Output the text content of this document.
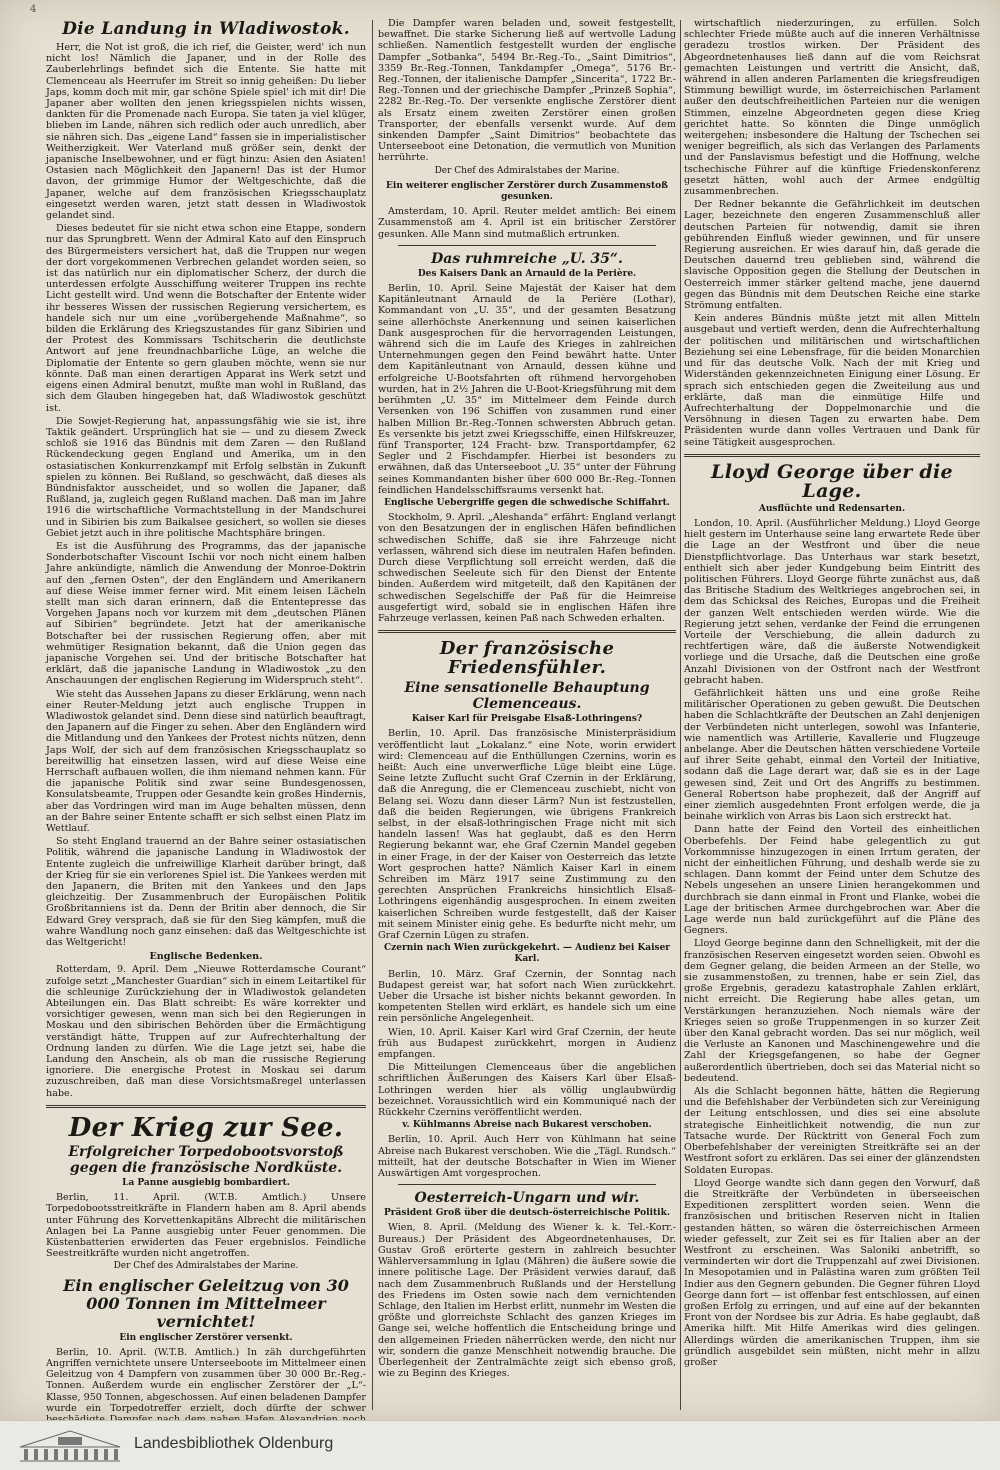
4
Die Landung in Wladiwostok.

Herr, die Not ist groß, die ich rief, die Geister, werd' ich nun nicht los! Nämlich die Japaner, und in der Rolle des Zauberlehrlings befindet sich die Entente. Sie hatte mit Clemenceau als Heerrufer im Streit so innig geheißen: Du lieber Japs, komm doch mit mir, gar schöne Spiele spiel' ich mit dir! Die Japaner aber wollten den jenen kriegsspielen nichts wissen, dankten für die Promenade nach Europa. Sie taten ja viel klüger, blieben im Lande, nähren sich redlich oder auch unredlich, aber sie nähren sich. Das „eigene Land“ fassen sie in imperialistischer Weitherzigkeit. Wer Vaterland muß größer sein, denkt der japanische Inselbewohner, und er fügt hinzu: Asien den Asiaten! Ostasien nach Möglichkeit den Japanern! Das ist der Humor davon, der grimmige Humor der Weltgeschichte, daß die Japaner, welche auf dem französischen Kriegsschauplatz eingesetzt werden waren, jetzt statt dessen in Wladiwostok gelandet sind.

Dieses bedeutet für sie nicht etwa schon eine Etappe, sondern nur das Sprungbrett. Wenn der Admiral Kato auf den Einspruch des Bürgermeisters versichert hat, daß die Truppen nur wegen der dort vorgekommenen Verbrechen gelandet worden seien, so ist das natürlich nur ein diplomatischer Scherz, der durch die unterdessen erfolgte Ausschiffung weiterer Truppen ins rechte Licht gestellt wird. Und wenn die Botschafter der Entente wider ihr besseres Wissen der russischen Regierung versichertem, es handele sich nur um eine „vorübergehende Maßnahme“, so bilden die Erklärung des Kriegszustandes für ganz Sibirien und der Protest des Kommissars Tschitscherin die deutlichste Antwort auf jene freundnachbarliche Lüge, an welche die Diplomatie der Entente so gern glauben möchte, wenn sie nur könnte. Daß man einen derartigen Apparat ins Werk setzt und eigens einen Admiral benutzt, mußte man wohl in Rußland, das sich dem Glauben hingegeben hat, daß Wladiwostok geschützt ist.

Die Sowjet-Regierung hat, anpassungsfähig wie sie ist, ihre Taktik geändert. Ursprünglich hat sie — und zu diesem Zweck schloß sie 1916 das Bündnis mit dem Zaren — den Rußland Rückendeckung gegen England und Amerika, um in den ostasiatischen Konkurrenzkampf mit Erfolg selbstän in Zukunft spielen zu können. Bei Rußland, so geschwächt, daß dieses als Bündnisfaktor ausscheidet, und so wollen die Japaner, daß Rußland, ja, zugleich gegen Rußland machen. Daß man im Jahre 1916 die wirtschaftliche Vormachtstellung in der Mandschurei und in Sibirien bis zum Baikalsee gesichert, so wollen sie dieses Gebiet jetzt auch in ihre politische Machtsphäre bringen.

Es ist die Ausführung des Programms, das der japanische Sonderbotschafter Viscount Ischii vor noch nicht einem halben Jahre ankündigte, nämlich die Anwendung der Monroe-Doktrin auf den „fernen Osten“, der den Engländern und Amerikanern auf diese Weise immer ferner wird. Mit einem leisen Lächeln stellt man sich daran erinnern, daß die Ententepresse das Vorgehen Japans noch vor kurzem mit dem „deutschen Plänen auf Sibirien“ begründete. Jetzt hat der amerikanische Botschafter bei der russischen Regierung offen, aber mit wehmütiger Resignation bekannt, daß die Union gegen das japanische Vorgehen sei. Und der britische Botschafter hat erklärt, daß die japanische Landung in Wladiwostok „zu den Anschauungen der englischen Regierung im Widerspruch steht“.

Wie steht das Aussehen Japans zu dieser Erklärung, wenn nach einer Reuter-Meldung jetzt auch englische Truppen in Wladiwostok gelandet sind. Denn diese sind natürlich beauftragt, den Japanern auf die Finger zu sehen. Aber den Engländern wird die Mitlandung und den Yankees der Protest nichts nützen, denn Japs Wolf, der sich auf dem französischen Kriegsschauplatz so bereitwillig hat einsetzen lassen, wird auf diese Weise eine Herrschaft aufbauen wollen, die ihm niemand nehmen kann. Für die japanische Politik sind zwar seine Bundesgenossen, Konsulatsbeamte, Truppen oder Gesandte kein großes Hindernis, aber das Vordringen wird man im Auge behalten müssen, denn an der Bahre seiner Entente schafft er sich selbst einen Platz im Wettlauf.

So steht England trauernd an der Bahre seiner ostasiatischen Politik, während die japanische Landung in Wladiwostok der Entente zugleich die unfreiwillige Klarheit darüber bringt, daß der Krieg für sie ein verlorenes Spiel ist. Die Yankees werden mit den Japanern, die Briten mit den Yankees und den Japs gleichzeitig. Der Zusammenbruch der Europäischen Politik Großbritanniens ist da. Denn der Britin aber dennoch, die Sir Edward Grey versprach, daß sie für den Sieg kämpfen, muß die wahre Wandlung noch ganz einsehen: daß das Weltgeschichte ist das Weltgericht!

Englische Bedenken.

Rotterdam, 9. April. Dem „Nieuwe Rotterdamsche Courant“ zufolge setzt „Manchester Guardian“ sich in einem Leitartikel für die schleunige Zurückziehung der in Wladiwostok gelandeten Abteilungen ein. Das Blatt schreibt: Es wäre korrekter und vorsichtiger gewesen, wenn man sich bei den Regierungen in Moskau und den sibirischen Behörden über die Ermächtigung verständigt hätte, Truppen auf zur Aufrechterhaltung der Ordnung landen zu dürfen. Wie die Lage jetzt sei, habe die Landung den Anschein, als ob man die russische Regierung ignoriere. Die energische Protest in Moskau sei darum zuzuschreiben, daß man diese Vorsichtsmaßregel unterlassen habe.

Der Krieg zur See.
Erfolgreicher Torpedobootsvorstoß gegen die französische Nordküste.
La Panne ausgiebig bombardiert.

Berlin, 11. April. (W.T.B. Amtlich.) Unsere Torpedobootsstreitkräfte in Flandern haben am 8. April abends unter Führung des Korvettenkapitäns Albrecht die militärischen Anlagen bei La Panne ausgiebig unter Feuer genommen. Die Küstenbatterien erwiderten das Feuer ergebnislos. Feindliche Seestreitkräfte wurden nicht angetroffen.

Der Chef des Admiralstabes der Marine.
Ein englischer Geleitzug von 30 000 Tonnen im Mittelmeer vernichtet!
Ein englischer Zerstörer versenkt.

Berlin, 10. April. (W.T.B. Amtlich.) In zäh durchgeführten Angriffen vernichtete unsere Unterseeboote im Mittelmeer einen Geleitzug von 4 Dampfern von zusammen über 30 000 Br.-Reg.-Tonnen. Außerdem wurde ein englischer Zerstörer der „L“-Klasse, 950 Tonnen, abgeschossen. Auf einen beladenen Dampfer wurde ein Torpedotreffer erzielt, doch dürfte der schwer

Die Dampfer waren beladen und, soweit festgestellt, bewaffnet. Die starke Sicherung ließ auf wertvolle Ladung schließen. Namentlich festgestellt wurden der englische Dampfer „Sotbanka“, 5494 Br.-Reg.-To., „Saint Dimitrios“, 3359 Br.-Reg.-Tonnen, Tankdampfer „Omega“, 5176 Br.-Reg.-Tonnen, der italienische Dampfer „Sincerita“, 1722 Br.-Reg.-Tonnen und der griechische Dampfer „Prinzeß Sophia“, 2282 Br.-Reg.-To. Der versenkte englische Zerstörer dient als Ersatz einem zweiten Zerstörer einen großen Transporter, der ebenfalls versenkt wurde. Auf dem sinkenden Dampfer „Saint Dimitrios“ beobachtete das Unterseeboot eine Detonation, die vermutlich von Munition herrührte.

Der Chef des Admiralstabes der Marine.
Ein weiterer englischer Zerstörer durch Zusammenstoß gesunken.

Amsterdam, 10. April. Reuter meldet amtlich: Bei einem Zusammenstoß am 4. April ist ein britischer Zerstörer gesunken. Alle Mann sind mutmaßlich ertrunken.

Das ruhmreiche „U. 35“.
Des Kaisers Dank an Arnauld de la Perière.

Berlin, 10. April. Seine Majestät der Kaiser hat dem Kapitänleutnant Arnauld de la Perière (Lothar), Kommandant von „U. 35“, und der gesamten Besatzung seine allerhöchste Anerkennung und seinen kaiserlichen Dank ausgesprochen für die hervorragenden Leistungen, während sich die im Laufe des Krieges in zahlreichen Unternehmungen gegen den Feind bewährt hatte. Unter dem Kapitänleutnant von Arnauld, dessen kühne und erfolgreiche U-Bootsfahrten oft rühmend hervorgehoben wurden, hat in 2½ Jahren die U-Boot-Kriegsführung mit dem berühmten „U. 35“ im Mittelmeer dem Feinde durch Versenken von 196 Schiffen von zusammen rund einer halben Million Br.-Reg.-Tonnen schwersten Abbruch getan. Es versenkte bis jetzt zwei Kriegsschiffe, einen Hilfskreuzer, fünf Transporter, 124 Fracht- bzw. Transportdampfer, 62 Segler und 2 Fischdampfer. Hierbei ist besonders zu erwähnen, daß das Unterseeboot „U. 35“ unter der Führung seines Kommandanten bisher über 600 000 Br.-Reg.-Tonnen feindlichen Handelsschiffsraums versenkt hat.

Englische Uebergriffe gegen die schwedische Schiffahrt.

Stockholm, 9. April. „Aleshanda“ erfährt: England verlangt von den Besatzungen der in englischen Häfen befindlichen schwedischen Schiffe, daß sie ihre Fahrzeuge nicht verlassen, während sich diese im neutralen Hafen befinden. Durch diese Verpflichtung soll erreicht werden, daß die schwedischen Seeleute sich für den Dienst der Entente binden. Außerdem wird mitgeteilt, daß den Kapitänen der schwedischen Segelschiffe der Paß für die Heimreise ausgefertigt wird, sobald sie in englischen Häfen ihre Fahrzeuge verlassen, keinen Paß nach Schweden erhalten.

Der französische Friedensfühler.
Eine sensationelle Behauptung Clemenceaus.
Kaiser Karl für Preisgabe Elsaß-Lothringens?

Berlin, 10. April. Das französische Ministerpräsidium veröffentlicht laut „Lokalanz.“ eine Note, worin erwidert wird: Clemenceau auf die Enthüllungen Czernins, worin es heißt: Auch eine unverwerfliche Lüge bleibt eine Lüge. Seine letzte Zuflucht sucht Graf Czernin in der Erklärung, daß die Anregung, die er Clemenceau zuschiebt, nicht von Belang sei. Wozu dann dieser Lärm? Nun ist festzustellen, daß die beiden Regierungen, wie übrigens Frankreich selbst, in der elsaß-lothringischen Frage nicht mit sich handeln lassen! Was hat geglaubt, daß es den Herrn Regierung bekannt war, ehe Graf Czernin Mandel gegeben in einer Frage, in der der Kaiser von Oesterreich das letzte Wort gesprochen hatte? Nämlich Kaiser Karl in einem Schreiben im März 1917 seine Zustimmung zu den gerechten Ansprüchen Frankreichs hinsichtlich Elsaß-Lothringens eigenhändig ausgesprochen. In einem zweiten kaiserlichen Schreiben wurde festgestellt, daß der Kaiser mit seinem Minister einig gehe. Es bedurfte nicht mehr, um Graf Czernin Lügen zu strafen.

Czernin nach Wien zurückgekehrt. — Audienz bei Kaiser Karl.

Berlin, 10. März. Graf Czernin, der Sonntag nach Budapest gereist war, hat sofort nach Wien zurückkehrt. Ueber die Ursache ist bisher nichts bekannt geworden. In kompetenten Stellen wird erklärt, es handele sich um eine rein persönliche Angelegenheit.

Wien, 10. April. Kaiser Karl wird Graf Czernin, der heute früh aus Budapest zurückkehrt, morgen in Audienz empfangen.

Die Mitteilungen Clemenceaus über die angeblichen schriftlichen Äußerungen des Kaisers Karl über Elsaß-Lothringen werden hier als völlig unglaubwürdig bezeichnet. Voraussichtlich wird ein Kommuniqué nach der Rückkehr Czernins veröffentlicht werden.

v. Kühlmanns Abreise nach Bukarest verschoben.

Berlin, 10. April. Auch Herr von Kühlmann hat seine Abreise nach Bukarest verschoben. Wie die „Tägl. Rundsch.“ mitteilt, hat der deutsche Botschafter in Wien im Wiener Auswärtigen Amt vorgesprochen.

Oesterreich-Ungarn und wir.
Präsident Groß über die deutsch-österreichische Politik.

Wien, 8. April. (Meldung des Wiener k. k. Tel.-Korr.-Bureaus.) Der Präsident des Abgeordnetenhauses, Dr. Gustav Groß erörterte gestern in zahlreich besuchter Wählerversammlung in Iglau (Mähren) die äußere sowie die innere politische Lage. Der Präsident verwies darauf, daß nach dem Zusammenbruch Rußlands und der Herstellung des Friedens im Osten sowie nach dem vernichtenden Schlage, den Italien im Herbst erlitt, nunmehr im Westen die größte und glorreichste Schlacht des ganzen Krieges im Gange sei, welche hoffentlich die Entscheidung bringe und den allgemeinen Frieden näherrücken werde, den nicht nur wir, sondern die ganze Menschheit notwendig brauche. Die Überlegenheit der Zentralmächte zeigt sich ebenso groß, wie zu Beginn des Krieges.

wirtschaftlich niederzuringen, zu erfüllen. Solch schlechter Friede müßte auch auf die inneren Verhältnisse geradezu trostlos wirken. Der Präsident des Abgeordnetenhauses ließ dann auf die vom Reichsrat gemachten Leistungen und vertritt die Ansicht, daß, während in allen anderen Parlamenten die kriegsfreudigen Stimmung bewilligt wurde, im österreichischen Parlament außer den deutschfreiheitlichen Parteien nur die wenigen Stimmen, einzelne Abgeordneten gegen diese Krieg gerichtet hatte. So könnten die Dinge unmöglich weitergehen; insbesondere die Haltung der Tschechen sei weniger begreiflich, als sich das Verlangen des Parlaments und der Panslavismus befestigt und die Hoffnung, welche tschechische Führer auf die künftige Friedenskonferenz gesetzt hätten, wohl auch der Armee endgültig zusammenbrechen.

Der Redner bekannte die Gefährlichkeit im deutschen Lager, bezeichnete den engeren Zusammenschluß aller deutschen Parteien für notwendig, damit sie ihren gebührenden Einfluß wieder gewinnen, und für unsere Regierung ausreichen. Er wies darauf hin, daß gerade die Deutschen dauernd treu geblieben sind, während die slavische Opposition gegen die Stellung der Deutschen in Oesterreich immer stärker geltend mache, jene dauernd gegen das Bündnis mit dem Deutschen Reiche eine starke Strömung entfalten.

Kein anderes Bündnis müßte jetzt mit allen Mitteln ausgebaut und vertieft werden, denn die Aufrechterhaltung der politischen und militärischen und wirtschaftlichen Beziehung sei eine Lebensfrage, für die beiden Monarchien und für das deutsche Volk. Nach der mit Krieg und Widerständen gekennzeichneten Einigung einer Lösung. Er sprach sich entschieden gegen die Zweiteilung aus und erklärte, daß man die einmütige Hilfe und Aufrechterhaltung der Doppelmonarchie und die Versöhnung in diesen Tagen zu erwarten habe. Dem Präsidenten wurde dann volles Vertrauen und Dank für seine Tätigkeit ausgesprochen.

Lloyd George über die Lage.
Ausflüchte und Redensarten.

London, 10. April. (Ausführlicher Meldung.) Lloyd George hielt gestern im Unterhause seine lang erwartete Rede über die Lage an der Westfront und über die neue Dienstpflichtvorlage. Das Unterhaus war stark besetzt, enthielt sich aber jeder Kundgebung beim Eintritt des politischen Führers. Lloyd George führte zunächst aus, daß das Britische Stadium des Weltkrieges angebrochen sei, in dem das Schicksal des Reiches, Europas und die Freiheit der ganzen Welt entschieden werden würde. Wie die Regierung jetzt sehen, verdanke der Feind die errungenen Vorteile der Verschiebung, die allein dadurch zu rechtfertigen wäre, daß die äußerste Notwendigkeit vorliege und die Ursache, daß die Deutschen eine große Anzahl Divisionen von der Ostfront nach der Westfront gebracht haben.

Gefährlichkeit hätten uns und eine große Reihe militärischer Operationen zu geben gewußt. Die Deutschen haben die Schlachtkräfte der Deutschen an Zahl denjenigen der Verbündeten nicht unterlegen, sowohl was Infanterie, wie namentlich was Artillerie, Kavallerie und Flugzeuge anbelange. Aber die Deutschen hätten verschiedene Vorteile auf ihrer Seite gehabt, einmal den Vorteil der Initiative, sodann daß die Lage derart war, daß sie es in der Lage gewesen sind, Zeit und Ort des Angriffs zu bestimmen. General Robertson habe prophezeit, daß der Angriff auf einer ziemlich ausgedehnten Front erfolgen werde, die ja beinahe wirklich von Arras bis Laon sich erstreckt hat.

Dann hatte der Feind den Vorteil des einheitlichen Oberbefehls. Der Feind habe gelegentlich zu gut Vorkommnisse hinzugezogen in einen Irrtum geraten, der nicht der einheitlichen Führung, und deshalb werde sie zu schlagen. Dann kommt der Feind unter dem Schutze des Nebels ungesehen an unsere Linien herangekommen und durchbrach sie dann einmal in Front und Flanke, wobei die Lage der britischen Armee durchgebrochen war. Aber die Lage werde nun bald zurückgeführt auf die Pläne des Gegners.

Lloyd George beginne dann den Schnelligkeit, mit der die französischen Reserven eingesetzt worden seien. Obwohl es dem Gegner gelang, die beiden Armeen an der Stelle, wo sie zusammenstoßen, zu trennen, habe er sein Ziel, das große Ergebnis, geradezu katastrophale Zahlen erklärt, nicht erreicht. Die Regierung habe alles getan, um Verstärkungen heranzuziehen. Noch niemals wäre der Krieges seien so große Truppenmengen in so kurzer Zeit über den Kanal gebracht worden. Das sei nur möglich, weil die Verluste an Kanonen und Maschinengewehre und die Zahl der Kriegsgefangenen, so habe der Gegner außerordentlich übertrieben, doch sei das Material nicht so bedeutend.

Als die Schlacht begonnen hätte, hätten die Regierung und die Befehlshaber der Verbündeten sich zur Vereinigung der Leitung entschlossen, und dies sei eine absolute strategische Einheitlichkeit notwendig, die nun zur Tatsache wurde. Der Rücktritt von General Foch zum Oberbefehlshaber der vereinigten Streitkräfte sei an der Westfront sofort zu erklären. Das sei einer der glänzendsten Soldaten Europas.

Lloyd George wandte sich dann gegen den Vorwurf, daß die Streitkräfte der Verbündeten in überseeischen Expeditionen zersplittert worden seien. Wenn die französischen und britischen Reserven nicht in Italien gestanden hätten, so wären die österreichischen Armeen wieder gefesselt, zur Zeit sei es für Italien aber an der Westfront zu erscheinen. Was Saloniki anbetrifft, so verminderten wir dort die Truppenzahl auf zwei Divisionen. In Mesopotamien und in Palästina waren zum größten Teil Indier aus den Gegnern gebunden. Die Gegner führen Lloyd George dann fort — ist offenbar fest entschlossen, auf einen großen Erfolg zu erringen, und auf eine auf der bekannten Front von der Nordsee bis zur Adria. Es habe geglaubt, daß Amerika hilft. Mit Hilfe Amerikas wird dies gelingen. Allerdings würden die amerikanischen Truppen, ihm sie gründlich ausgebildet sein müßten, nicht mehr in allzu großer

Landesbibliothek Oldenburg
